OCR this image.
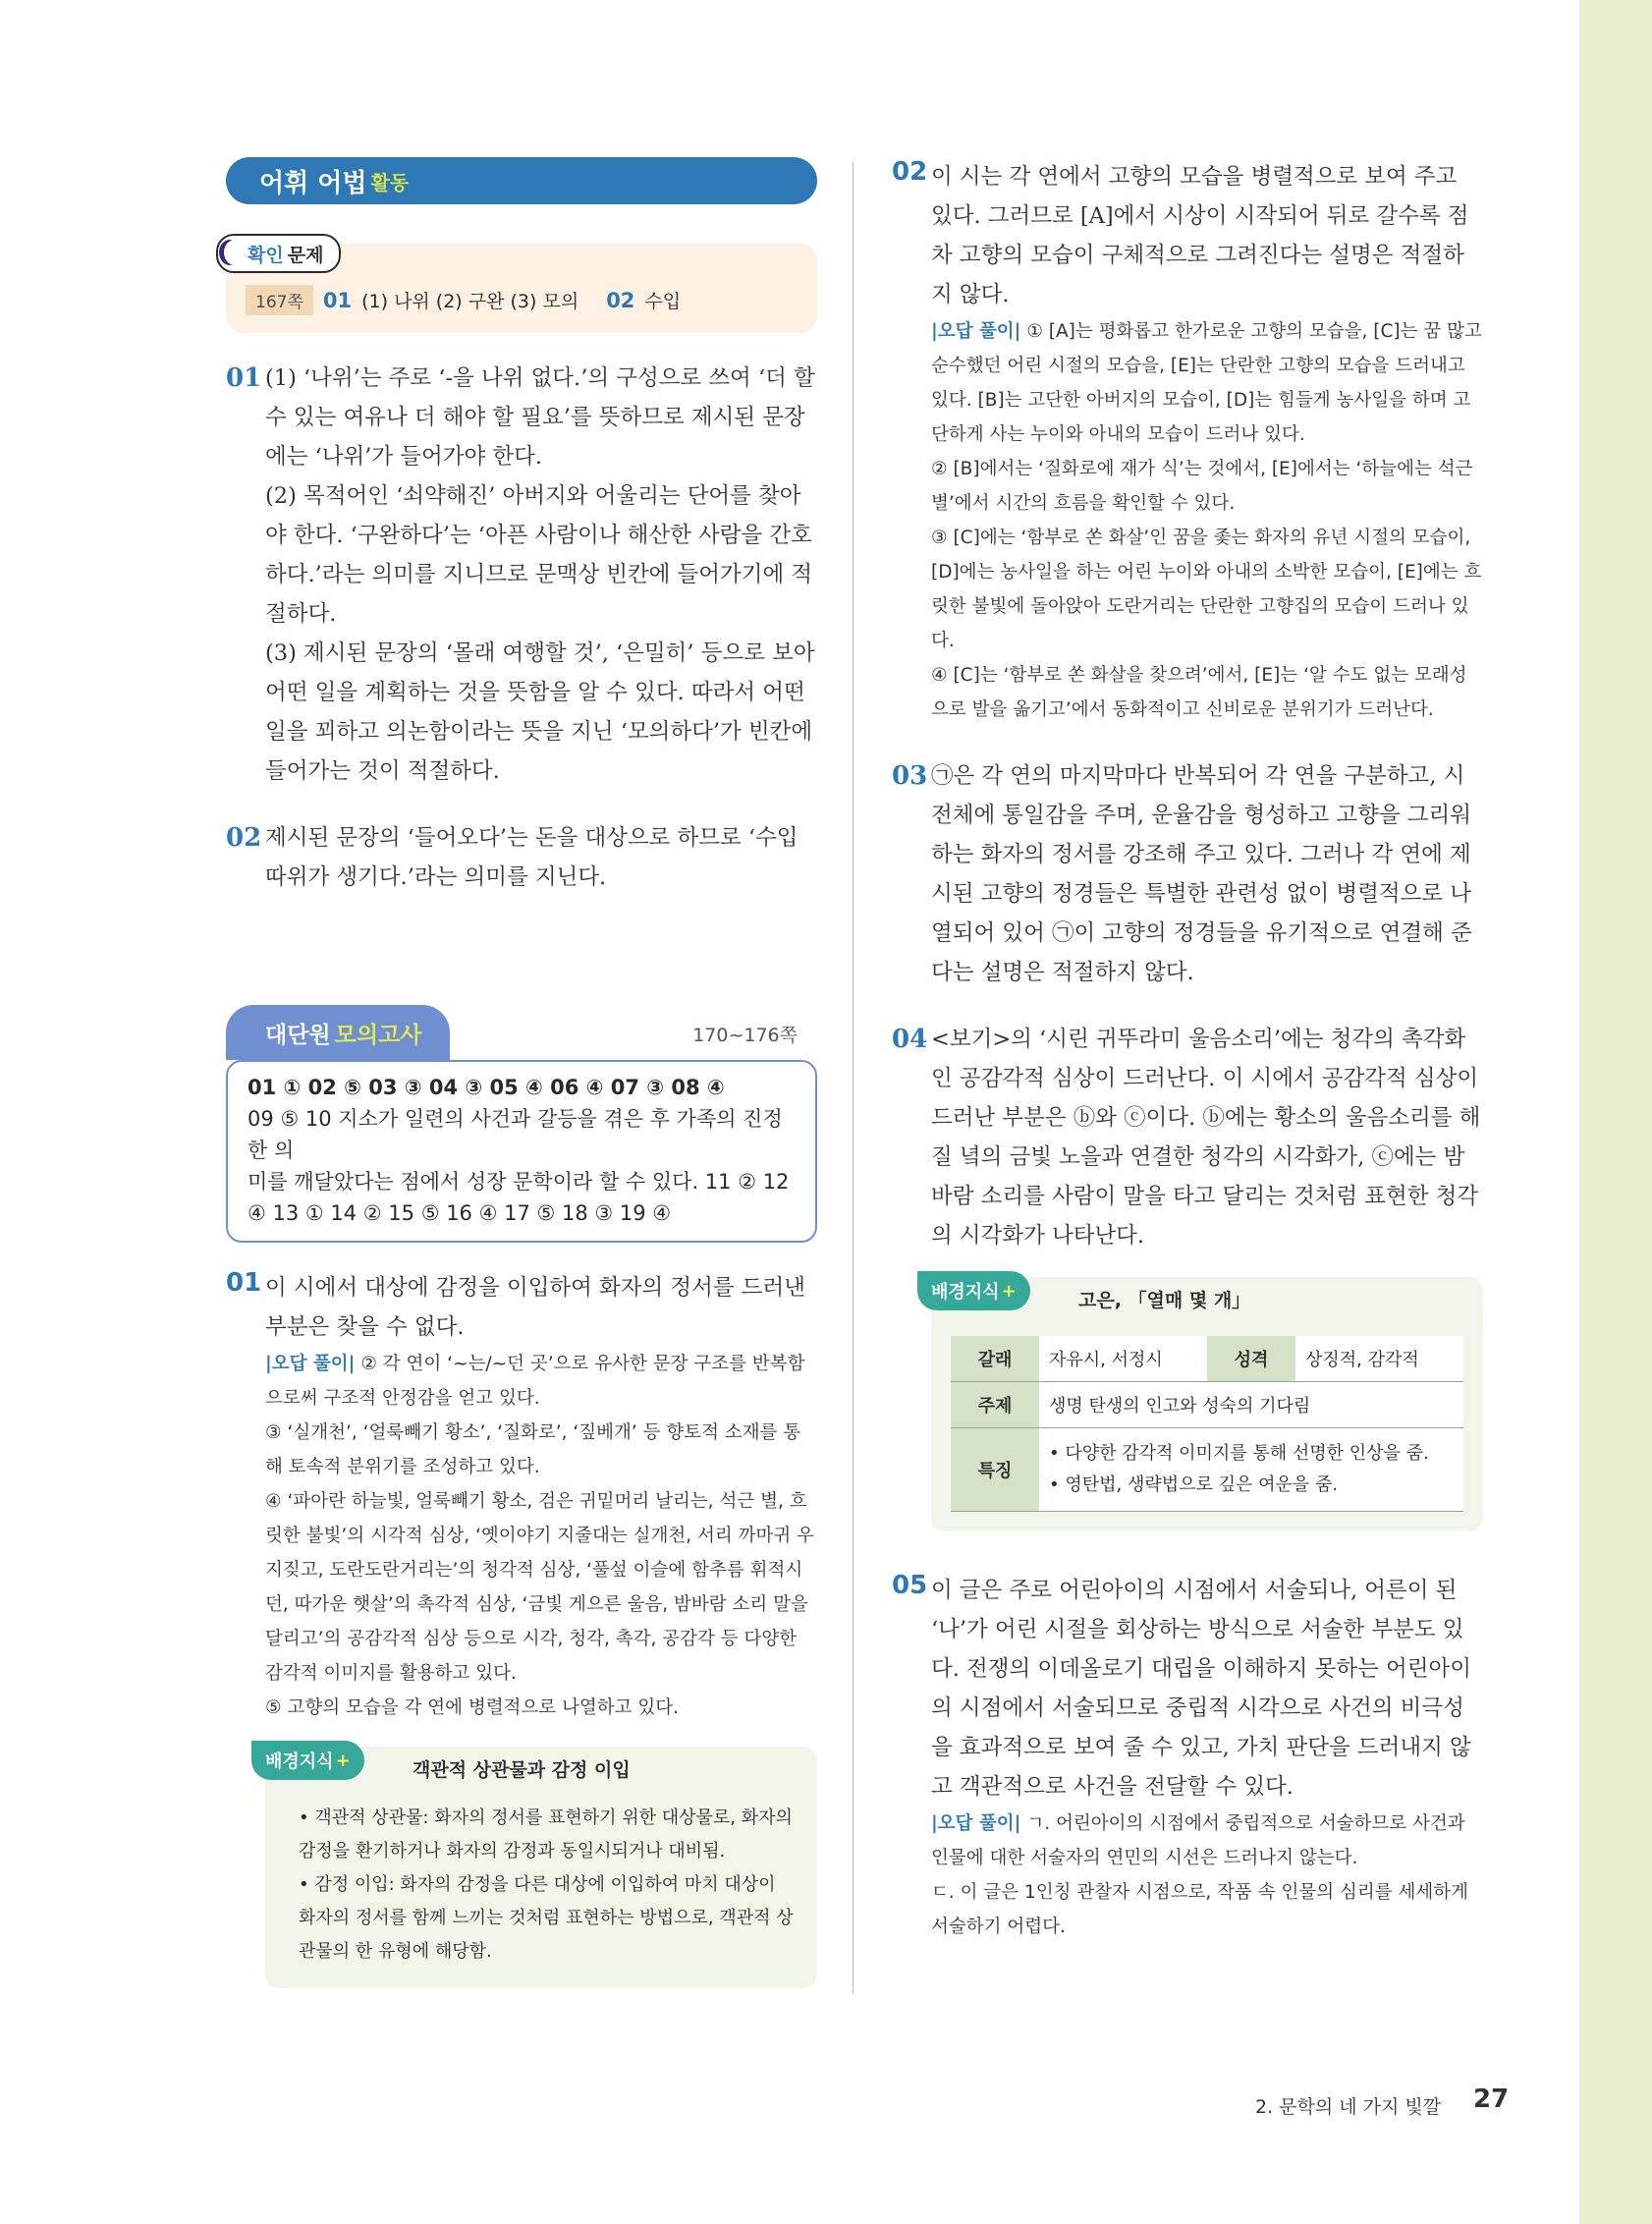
어휘 어법 활동
확인 문제
167쪽 01 (1) 나위 (2) 구완 (3) 모의 02 수입
01 (1) ‘나위’는 주로 ‘-을 나위 없다.’의 구성으로 쓰여 ‘더 할 수 있는 여유나 더 해야 할 필요’를 뜻하므로 제시된 문장에는 ‘나위’가 들어가야 한다.

(2) 목적어인 ‘쇠약해진’ 아버지와 어울리는 단어를 찾아야 한다. ‘구완하다’는 ‘아픈 사람이나 해산한 사람을 간호하다.’라는 의미를 지니므로 문맥상 빈칸에 들어가기에 적절하다.

(3) 제시된 문장의 ‘몰래 여행할 것’, ‘은밀히’ 등으로 보아 어떤 일을 계획하는 것을 뜻함을 알 수 있다. 따라서 어떤 일을 꾀하고 의논함이라는 뜻을 지닌 ‘모의하다’가 빈칸에 들어가는 것이 적절하다.

02 제시된 문장의 ‘들어오다’는 돈을 대상으로 하므로 ‘수입 따위가 생기다.’라는 의미를 지닌다.

대단원 모의고사	170~176쪽
01 ① 02 ⑤ 03 ③ 04 ③ 05 ④ 06 ④ 07 ③ 08 ④
09 ⑤ 10 지소가 일련의 사건과 갈등을 겪은 후 가족의 진정한 의
미를 깨달았다는 점에서 성장 문학이라 할 수 있다. 11 ② 12
④ 13 ① 14 ② 15 ⑤ 16 ④ 17 ⑤ 18 ③ 19 ④
01 이 시에서 대상에 감정을 이입하여 화자의 정서를 드러낸 부분은 찾을 수 없다.

|오답 풀이| ② 각 연이 ‘~는/~던 곳’으로 유사한 문장 구조를 반복함으로써 구조적 안정감을 얻고 있다.
③ ‘실개천’, ‘얼룩빼기 황소’, ‘질화로’, ‘짚베개’ 등 향토적 소재를 통해 토속적 분위기를 조성하고 있다.
④ ‘파아란 하늘빛, 얼룩빼기 황소, 검은 귀밑머리 날리는, 석근 별, 흐릿한 불빛’의 시각적 심상, ‘옛이야기 지줄대는 실개천, 서리 까마귀 우지짖고, 도란도란거리는’의 청각적 심상, ‘풀섶 이슬에 함추름 휘적시던, 따가운 햇살’의 촉각적 심상, ‘금빛 게으른 울음, 밤바람 소리 말을 달리고’의 공감각적 심상 등으로 시각, 청각, 촉각, 공감각 등 다양한 감각적 이미지를 활용하고 있다.
⑤ 고향의 모습을 각 연에 병렬적으로 나열하고 있다.
배경지식 +	객관적 상관물과 감정 이입
• 객관적 상관물: 화자의 정서를 표현하기 위한 대상물로, 화자의 감정을 환기하거나 화자의 감정과 동일시되거나 대비됨.
• 감정 이입: 화자의 감정을 다른 대상에 이입하여 마치 대상이 화자의 정서를 함께 느끼는 것처럼 표현하는 방법으로, 객관적 상관물의 한 유형에 해당함.
02 이 시는 각 연에서 고향의 모습을 병렬적으로 보여 주고 있다. 그러므로 [A]에서 시상이 시작되어 뒤로 갈수록 점차 고향의 모습이 구체적으로 그려진다는 설명은 적절하지 않다.

|오답 풀이| ① [A]는 평화롭고 한가로운 고향의 모습을, [C]는 꿈 많고 순수했던 어린 시절의 모습을, [E]는 단란한 고향의 모습을 드러내고 있다. [B]는 고단한 아버지의 모습이, [D]는 힘들게 농사일을 하며 고단하게 사는 누이와 아내의 모습이 드러나 있다.
② [B]에서는 ‘질화로에 재가 식’는 것에서, [E]에서는 ‘하늘에는 석근 별’에서 시간의 흐름을 확인할 수 있다.
③ [C]에는 ‘함부로 쏜 화살’인 꿈을 좇는 화자의 유년 시절의 모습이, [D]에는 농사일을 하는 어린 누이와 아내의 소박한 모습이, [E]에는 흐릿한 불빛에 돌아앉아 도란거리는 단란한 고향집의 모습이 드러나 있다.
④ [C]는 ‘함부로 쏜 화살을 찾으려’에서, [E]는 ‘알 수도 없는 모래성으로 발을 옮기고’에서 동화적이고 신비로운 분위기가 드러난다.
03 ㉠은 각 연의 마지막마다 반복되어 각 연을 구분하고, 시 전체에 통일감을 주며, 운율감을 형성하고 고향을 그리워하는 화자의 정서를 강조해 주고 있다. 그러나 각 연에 제시된 고향의 정경들은 특별한 관련성 없이 병렬적으로 나열되어 있어 ㉠이 고향의 정경들을 유기적으로 연결해 준다는 설명은 적절하지 않다.

04 <보기>의 ‘시린 귀뚜라미 울음소리’에는 청각의 촉각화인 공감각적 심상이 드러난다. 이 시에서 공감각적 심상이 드러난 부분은 ⓑ와 ⓒ이다. ⓑ에는 황소의 울음소리를 해 질 녘의 금빛 노을과 연결한 청각의 시각화가, ⓒ에는 밤바람 소리를 사람이 말을 타고 달리는 것처럼 표현한 청각의 시각화가 나타난다.

배경지식 +	고은, 「열매 몇 개」
갈래	자유시, 서정시	성격	상징적, 감각적
주제	생명 탄생의 인고와 성숙의 기다림		
특징	• 다양한 감각적 이미지를 통해 선명한 인상을 줌.
• 영탄법, 생략법으로 깊은 여운을 줌.		
05 이 글은 주로 어린아이의 시점에서 서술되나, 어른이 된 ‘나’가 어린 시절을 회상하는 방식으로 서술한 부분도 있다. 전쟁의 이데올로기 대립을 이해하지 못하는 어린아이의 시점에서 서술되므로 중립적 시각으로 사건의 비극성을 효과적으로 보여 줄 수 있고, 가치 판단을 드러내지 않고 객관적으로 사건을 전달할 수 있다.

|오답 풀이| ㄱ. 어린아이의 시점에서 중립적으로 서술하므로 사건과 인물에 대한 서술자의 연민의 시선은 드러나지 않는다.
ㄷ. 이 글은 1인칭 관찰자 시점으로, 작품 속 인물의 심리를 세세하게 서술하기 어렵다.
2. 문학의 네 가지 빛깔 27
